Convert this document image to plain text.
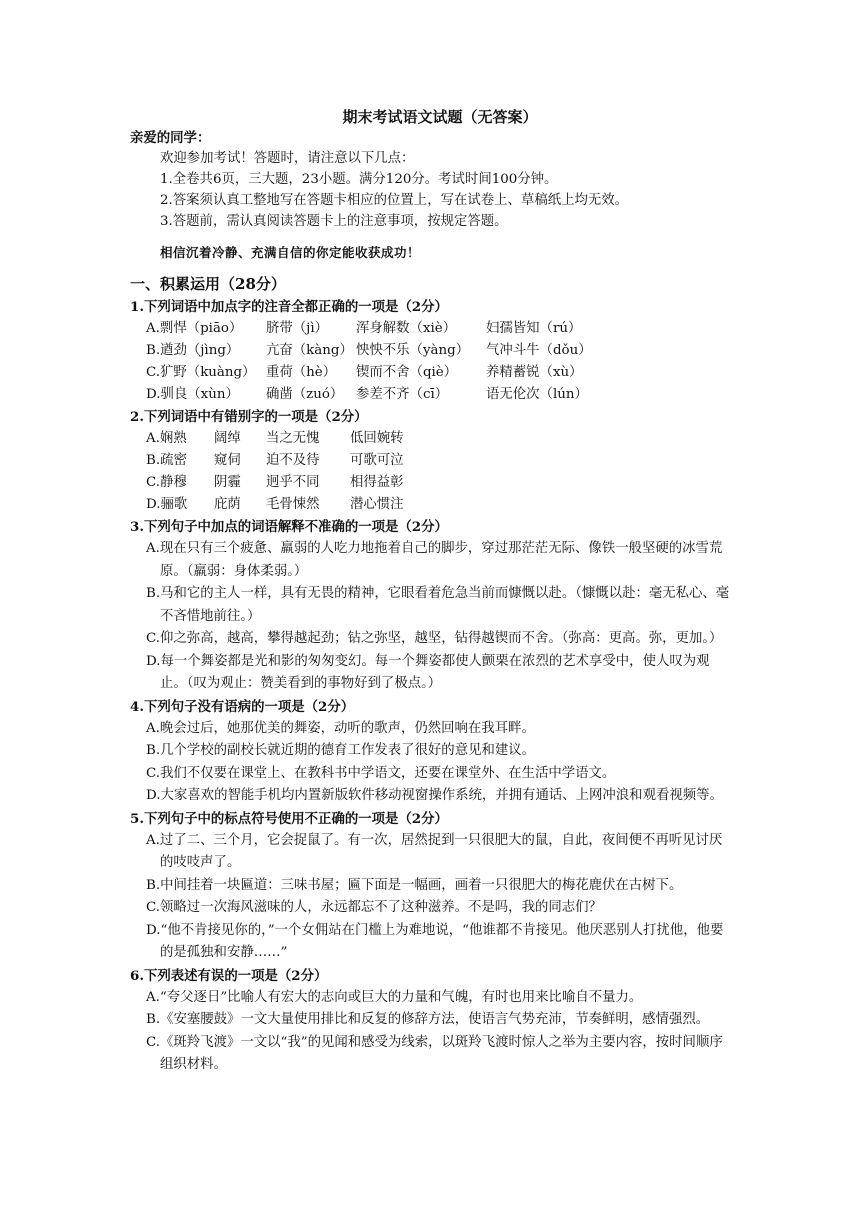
期末考试语文试题（无答案）
亲爱的同学：
欢迎参加考试！答题时，请注意以下几点：
1.全卷共6页，三大题，23小题。满分120分。考试时间100分钟。
2.答案须认真工整地写在答题卡相应的位置上，写在试卷上、草稿纸上均无效。
3.答题前，需认真阅读答题卡上的注意事项，按规定答题。
相信沉着冷静、充满自信的你定能收获成功！
一、积累运用（28分）
1.下列词语中加点字的注音全都正确的一项是（2分）
A.剽悍（piāo）	脐带（jì）	浑身解数（xiè）	妇孺皆知（rú）
B.遒劲（jìng）	亢奋（kàng） 怏怏不乐（yàng）	气冲斗牛（dǒu）
C.犷野（kuàng） 重荷（hè）	锲而不舍（qiè）	养精蓄锐（xù）
D.驯良（xùn）	确凿（zuó） 参差不齐（cī）	语无伦次（lún）
2.下列词语中有错别字的一项是（2分）
A.娴熟	阔绰	当之无愧	低回婉转
B.疏密	窥伺	迫不及待	可歌可泣
C.静穆	阴霾	迥乎不同	相得益彰
D.骊歌	庇荫	毛骨悚然	潜心惯注
3.下列句子中加点的词语解释不准确的一项是（2分）
A.现在只有三个疲惫、羸弱的人吃力地拖着自己的脚步，穿过那茫茫无际、像铁一般坚硬的冰雪荒原。（羸弱：身体柔弱。）
B.马和它的主人一样，具有无畏的精神，它眼看着危急当前而慷慨以赴。（慷慨以赴：毫无私心、毫不吝惜地前往。）
C.仰之弥高，越高，攀得越起劲；钻之弥坚，越坚，钻得越锲而不舍。（弥高：更高。弥，更加。）
D.每一个舞姿都是光和影的匆匆变幻。每一个舞姿都使人颤栗在浓烈的艺术享受中，使人叹为观止。（叹为观止：赞美看到的事物好到了极点。）
4.下列句子没有语病的一项是（2分）
A.晚会过后，她那优美的舞姿，动听的歌声，仍然回响在我耳畔。
B.几个学校的副校长就近期的德育工作发表了很好的意见和建议。
C.我们不仅要在课堂上、在教科书中学语文，还要在课堂外、在生活中学语文。
D.大家喜欢的智能手机均内置新版软件移动视窗操作系统，并拥有通话、上网冲浪和观看视频等。
5.下列句子中的标点符号使用不正确的一项是（2分）
A.过了二、三个月，它会捉鼠了。有一次，居然捉到一只很肥大的鼠，自此，夜间便不再听见讨厌的吱吱声了。
B.中间挂着一块匾道：三味书屋；匾下面是一幅画，画着一只很肥大的梅花鹿伏在古树下。
C.领略过一次海风滋味的人，永远都忘不了这种滋养。不是吗，我的同志们？
D.“他不肯接见你的，”一个女佣站在门槛上为难地说，“他谁都不肯接见。他厌恶别人打扰他，他要的是孤独和安静……”
6.下列表述有误的一项是（2分）
A.“夸父逐日”比喻人有宏大的志向或巨大的力量和气魄，有时也用来比喻自不量力。
B.《安塞腰鼓》一文大量使用排比和反复的修辞方法，使语言气势充沛，节奏鲜明，感情强烈。
C.《斑羚飞渡》一文以“我”的见闻和感受为线索，以斑羚飞渡时惊人之举为主要内容，按时间顺序组织材料。
